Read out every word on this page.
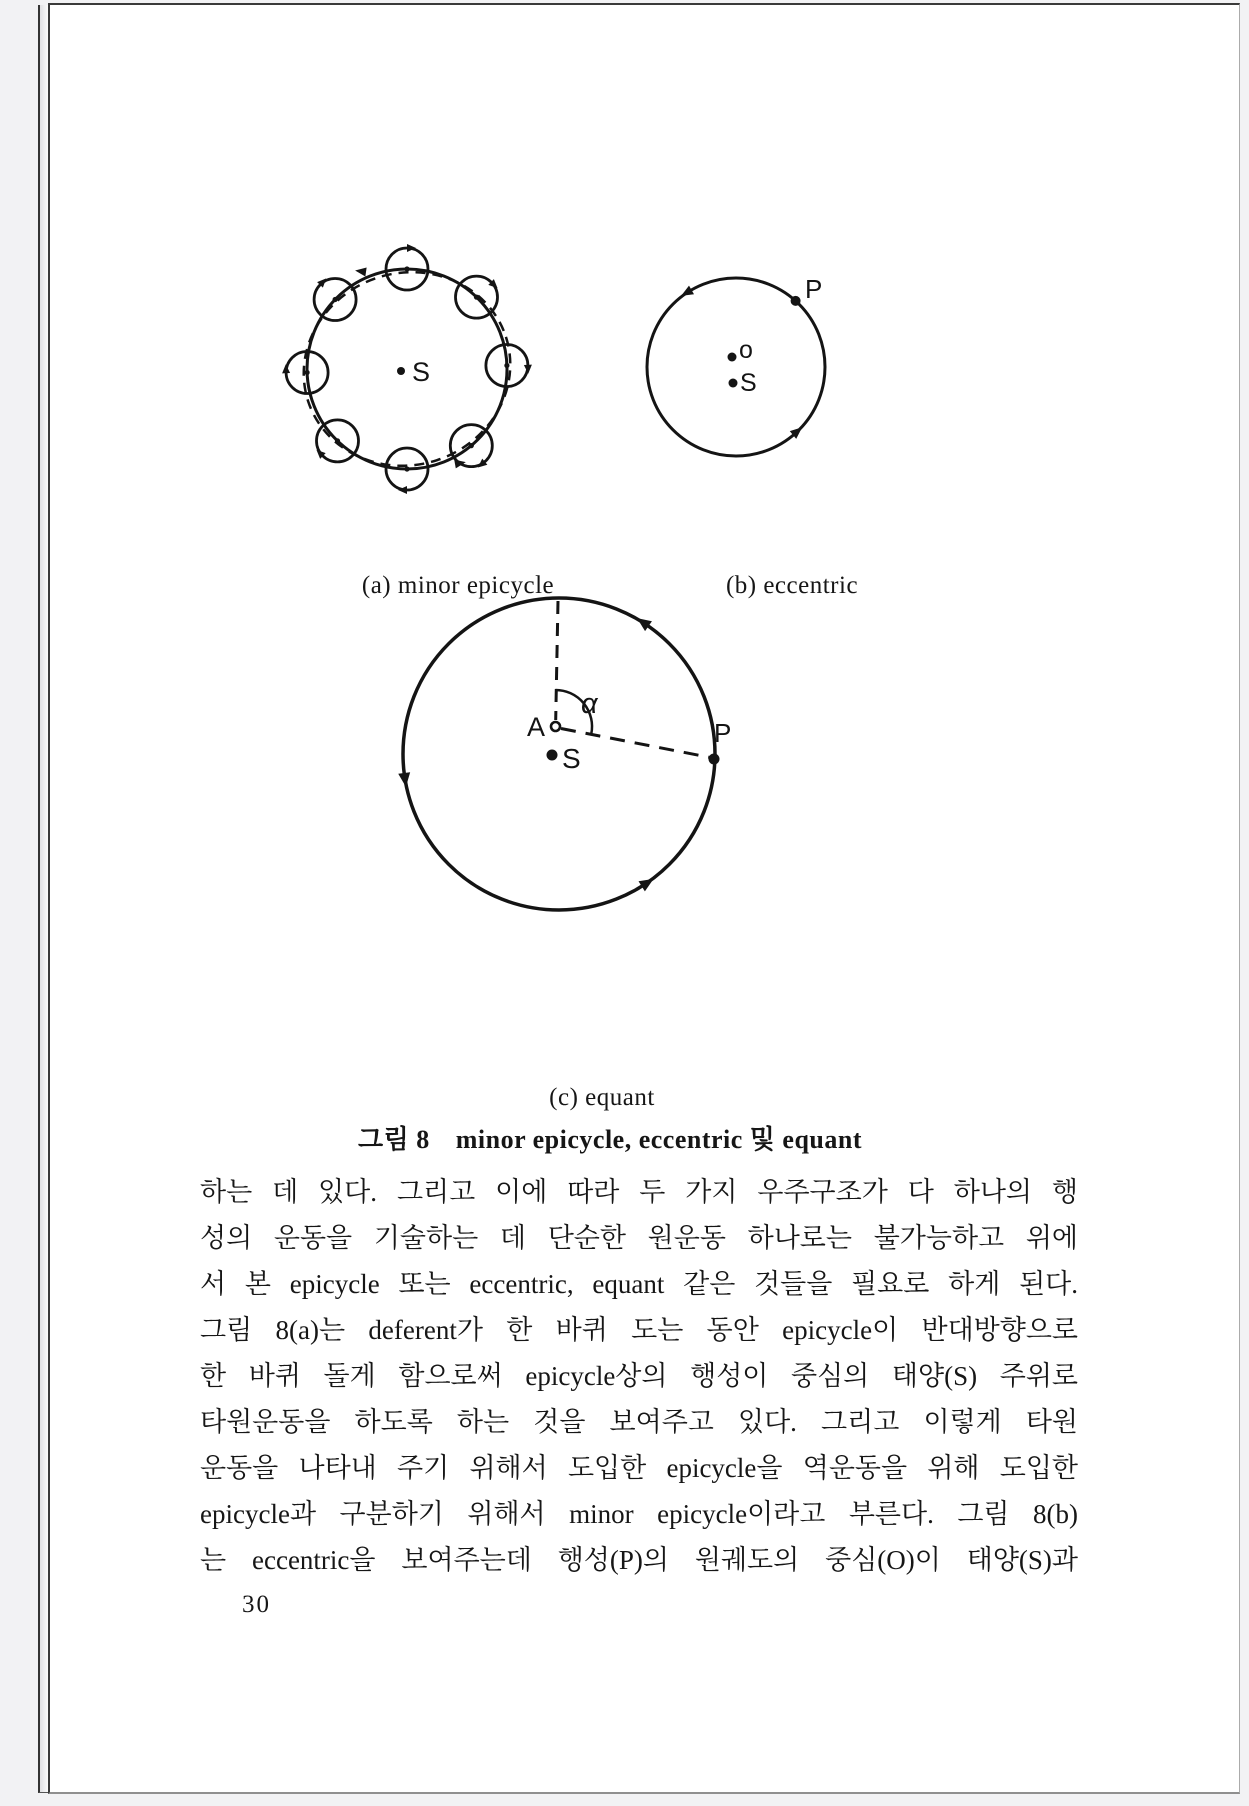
S
P
o
S
A
α
S
P
(a) minor epicycle	(b) eccentric
(c) equant
그림 8 minor epicycle, eccentric 및 equant
하는 데 있다. 그리고 이에 따라 두 가지 우주구조가 다 하나의 행
성의 운동을 기술하는 데 단순한 원운동 하나로는 불가능하고 위에
서 본 epicycle 또는 eccentric, equant 같은 것들을 필요로 하게 된다.
그림 8(a)는 deferent가 한 바퀴 도는 동안 epicycle이 반대방향으로
한 바퀴 돌게 함으로써 epicycle상의 행성이 중심의 태양(S) 주위로
타원운동을 하도록 하는 것을 보여주고 있다. 그리고 이렇게 타원
운동을 나타내 주기 위해서 도입한 epicycle을 역운동을 위해 도입한
epicycle과 구분하기 위해서 minor epicycle이라고 부른다. 그림 8(b)
는 eccentric을 보여주는데 행성(P)의 원궤도의 중심(O)이 태양(S)과
30
